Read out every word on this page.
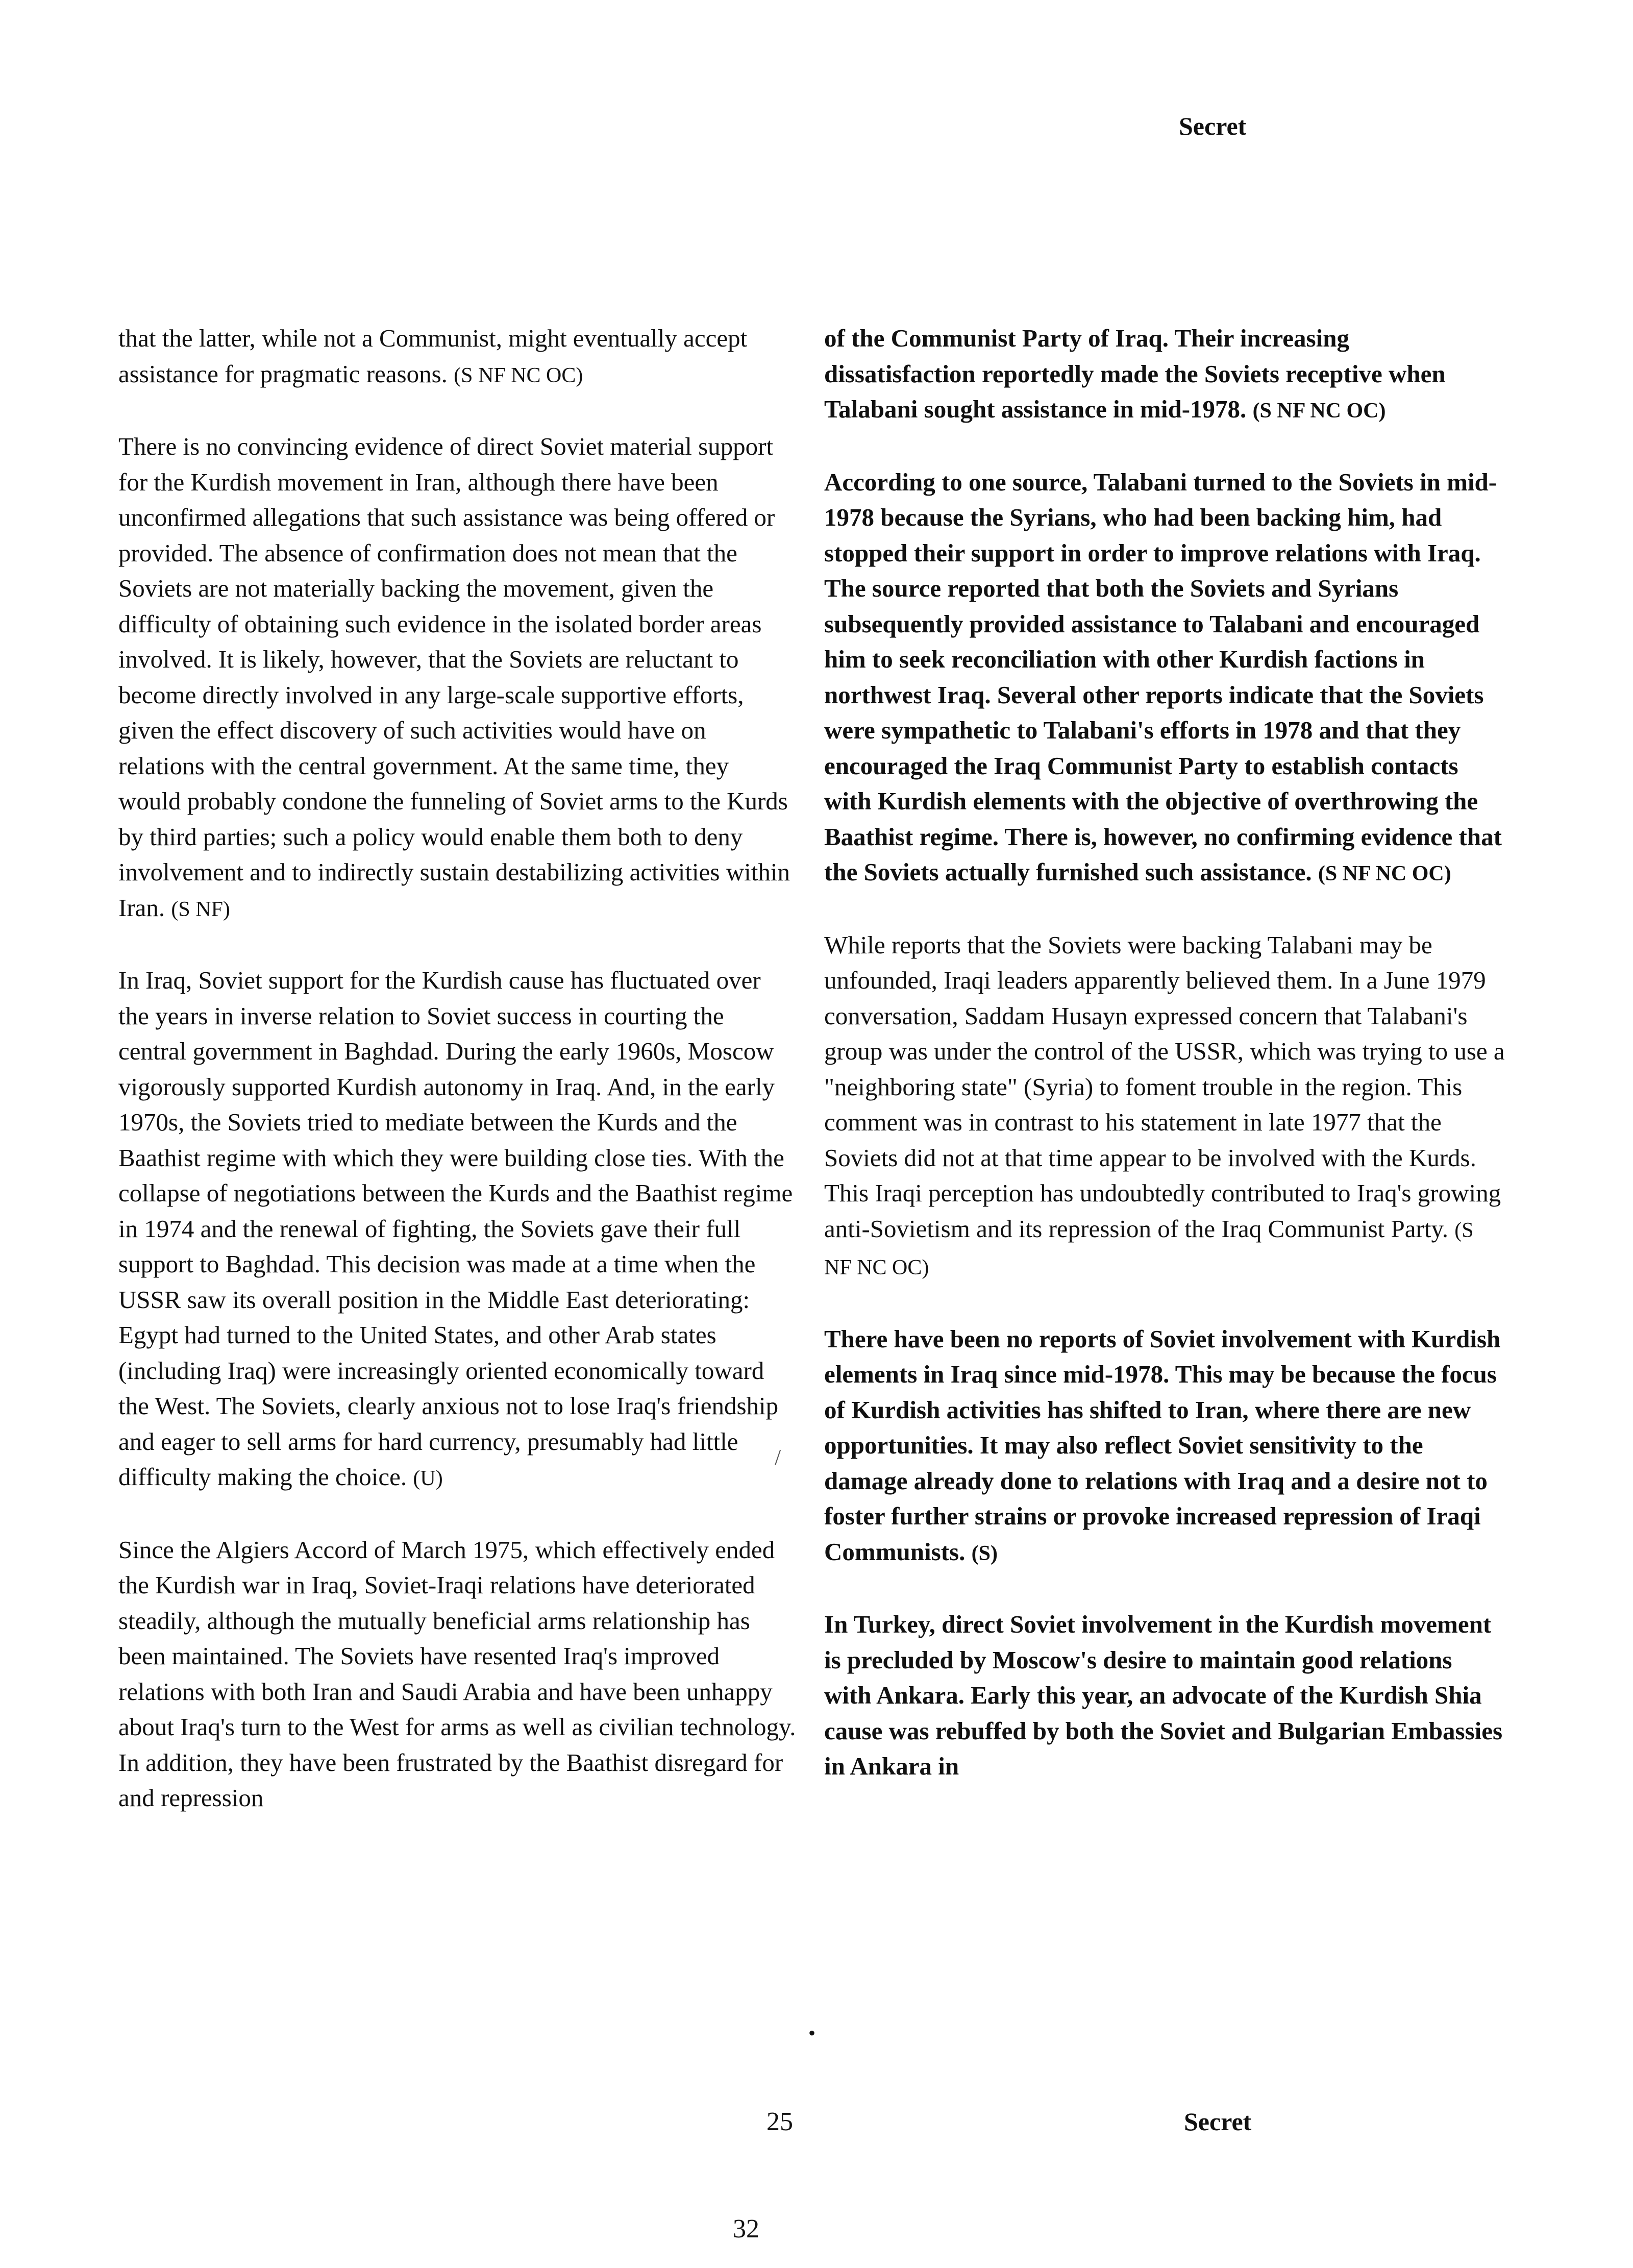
Secret

that the latter, while not a Communist, might eventually accept assistance for pragmatic reasons. (S NF NC OC)

There is no convincing evidence of direct Soviet material support for the Kurdish movement in Iran, although there have been unconfirmed allegations that such assistance was being offered or provided. The absence of confirmation does not mean that the Soviets are not materially backing the movement, given the difficulty of obtaining such evidence in the isolated border areas involved. It is likely, however, that the Soviets are reluctant to become directly involved in any large-scale supportive efforts, given the effect discovery of such activities would have on relations with the central government. At the same time, they would probably condone the funneling of Soviet arms to the Kurds by third parties; such a policy would enable them both to deny involvement and to indirectly sustain destabilizing activities within Iran. (S NF)

In Iraq, Soviet support for the Kurdish cause has fluctuated over the years in inverse relation to Soviet success in courting the central government in Baghdad. During the early 1960s, Moscow vigorously supported Kurdish autonomy in Iraq. And, in the early 1970s, the Soviets tried to mediate between the Kurds and the Baathist regime with which they were building close ties. With the collapse of negotiations between the Kurds and the Baathist regime in 1974 and the renewal of fighting, the Soviets gave their full support to Baghdad. This decision was made at a time when the USSR saw its overall position in the Middle East deteriorating: Egypt had turned to the United States, and other Arab states (including Iraq) were increasingly oriented economically toward the West. The Soviets, clearly anxious not to lose Iraq's friendship and eager to sell arms for hard currency, presumably had little difficulty making the choice. (U)

Since the Algiers Accord of March 1975, which effectively ended the Kurdish war in Iraq, Soviet-Iraqi relations have deteriorated steadily, although the mutually beneficial arms relationship has been maintained. The Soviets have resented Iraq's improved relations with both Iran and Saudi Arabia and have been unhappy about Iraq's turn to the West for arms as well as civilian technology. In addition, they have been frustrated by the Baathist disregard for and repression

of the Communist Party of Iraq. Their increasing dissatisfaction reportedly made the Soviets receptive when Talabani sought assistance in mid-1978. (S NF NC OC)

According to one source, Talabani turned to the Soviets in mid-1978 because the Syrians, who had been backing him, had stopped their support in order to improve relations with Iraq. The source reported that both the Soviets and Syrians subsequently provided assistance to Talabani and encouraged him to seek reconciliation with other Kurdish factions in northwest Iraq. Several other reports indicate that the Soviets were sympathetic to Talabani's efforts in 1978 and that they encouraged the Iraq Communist Party to establish contacts with Kurdish elements with the objective of overthrowing the Baathist regime. There is, however, no confirming evidence that the Soviets actually furnished such assistance. (S NF NC OC)

While reports that the Soviets were backing Talabani may be unfounded, Iraqi leaders apparently believed them. In a June 1979 conversation, Saddam Husayn expressed concern that Talabani's group was under the control of the USSR, which was trying to use a "neighboring state" (Syria) to foment trouble in the region. This comment was in contrast to his statement in late 1977 that the Soviets did not at that time appear to be involved with the Kurds. This Iraqi perception has undoubtedly contributed to Iraq's growing anti-Sovietism and its repression of the Iraq Communist Party. (S NF NC OC)

There have been no reports of Soviet involvement with Kurdish elements in Iraq since mid-1978. This may be because the focus of Kurdish activities has shifted to Iran, where there are new opportunities. It may also reflect Soviet sensitivity to the damage already done to relations with Iraq and a desire not to foster further strains or provoke increased repression of Iraqi Communists. (S)

In Turkey, direct Soviet involvement in the Kurdish movement is precluded by Moscow's desire to maintain good relations with Ankara. Early this year, an advocate of the Kurdish Shia cause was rebuffed by both the Soviet and Bulgarian Embassies in Ankara in

/
•
25	Secret
32
